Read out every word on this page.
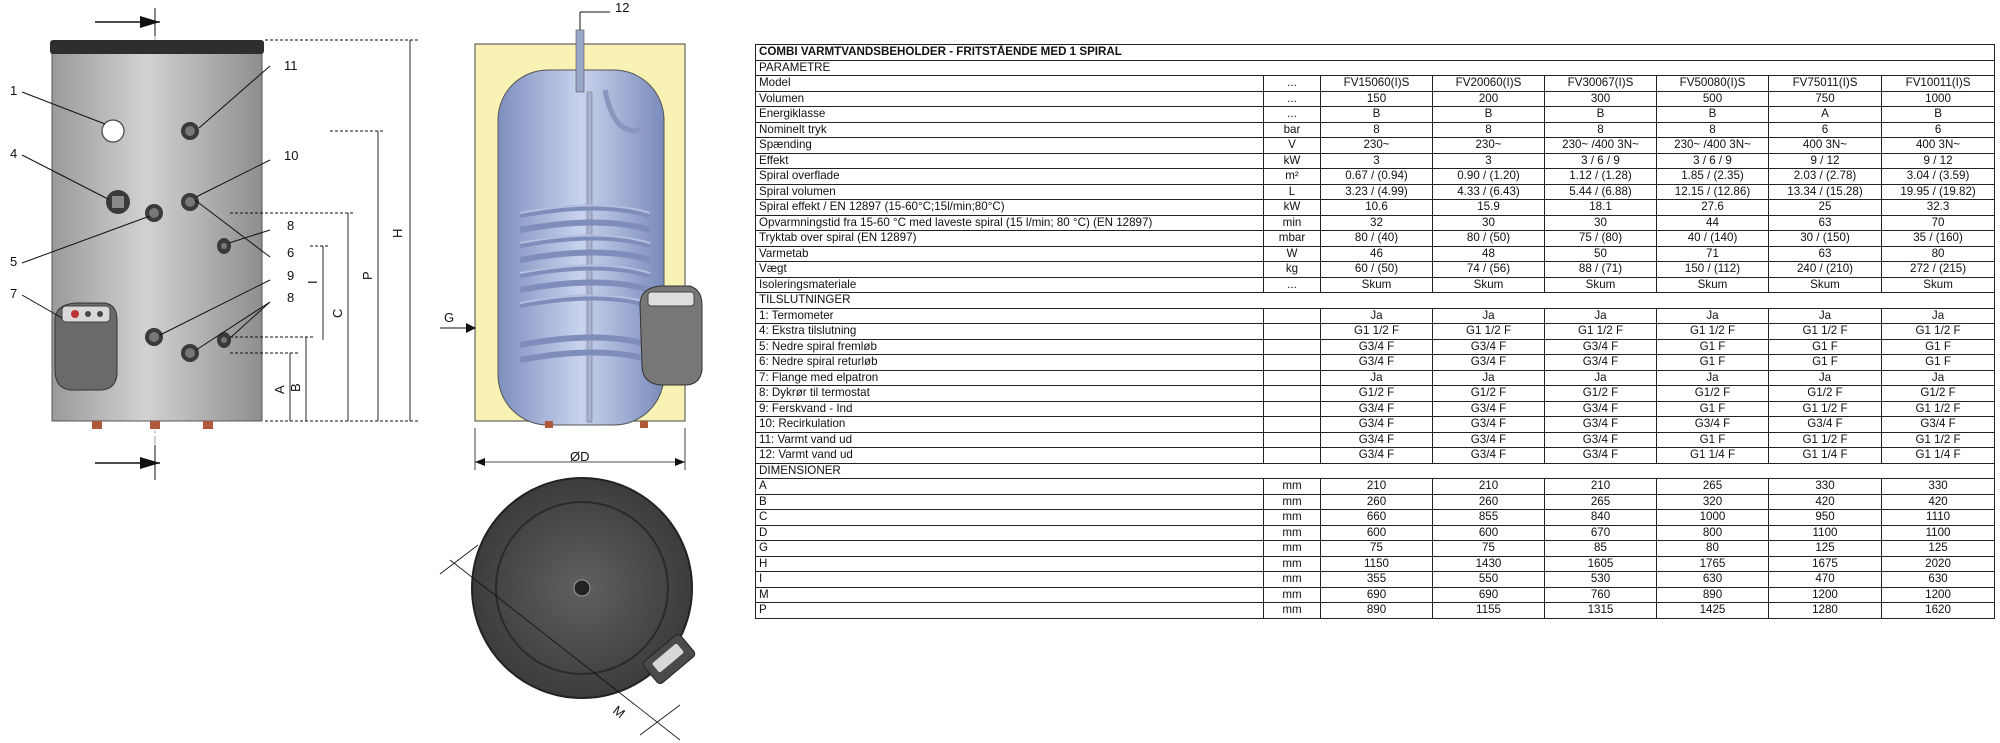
1
4
5
7
11
10
8
6
9
8
H
P
C
I
B
A
12
G
ØD
M
COMBI VARMTVANDSBEHOLDER - FRITSTÅENDE MED 1 SPIRAL							
PARAMETRE							
Model	...	FV15060(I)S	FV20060(I)S	FV30067(I)S	FV50080(I)S	FV75011(I)S	FV10011(I)S
Volumen	...	150	200	300	500	750	1000
Energiklasse	...	B	B	B	B	A	B
Nominelt tryk	bar	8	8	8	8	6	6
Spænding	V	230~	230~	230~ /400 3N~	230~ /400 3N~	400 3N~	400 3N~
Effekt	kW	3	3	3 / 6 / 9	3 / 6 / 9	9 / 12	9 / 12
Spiral overflade	m²	0.67 / (0.94)	0.90 / (1.20)	1.12 / (1.28)	1.85 / (2.35)	2.03 / (2.78)	3.04 / (3.59)
Spiral volumen	L	3.23 / (4.99)	4.33 / (6.43)	5.44 / (6.88)	12.15 / (12.86)	13.34 / (15.28)	19.95 / (19.82)
Spiral effekt / EN 12897 (15-60°C;15l/min;80°C)	kW	10.6	15.9	18.1	27.6	25	32.3
Opvarmningstid fra 15-60 °C med laveste spiral (15 l/min; 80 °C) (EN 12897)	min	32	30	30	44	63	70
Tryktab over spiral (EN 12897)	mbar	80 / (40)	80 / (50)	75 / (80)	40 / (140)	30 / (150)	35 / (160)
Varmetab	W	46	48	50	71	63	80
Vægt	kg	60 / (50)	74 / (56)	88 / (71)	150 / (112)	240 / (210)	272 / (215)
Isoleringsmateriale	...	Skum	Skum	Skum	Skum	Skum	Skum
TILSLUTNINGER							
1: Termometer		Ja	Ja	Ja	Ja	Ja	Ja
4: Ekstra tilslutning		G1 1/2 F	G1 1/2 F	G1 1/2 F	G1 1/2 F	G1 1/2 F	G1 1/2 F
5: Nedre spiral fremløb		G3/4 F	G3/4 F	G3/4 F	G1 F	G1 F	G1 F
6: Nedre spiral returløb		G3/4 F	G3/4 F	G3/4 F	G1 F	G1 F	G1 F
7: Flange med elpatron		Ja	Ja	Ja	Ja	Ja	Ja
8: Dykrør til termostat		G1/2 F	G1/2 F	G1/2 F	G1/2 F	G1/2 F	G1/2 F
9: Ferskvand - Ind		G3/4 F	G3/4 F	G3/4 F	G1 F	G1 1/2 F	G1 1/2 F
10: Recirkulation		G3/4 F	G3/4 F	G3/4 F	G3/4 F	G3/4 F	G3/4 F
11: Varmt vand ud		G3/4 F	G3/4 F	G3/4 F	G1 F	G1 1/2 F	G1 1/2 F
12: Varmt vand ud		G3/4 F	G3/4 F	G3/4 F	G1 1/4 F	G1 1/4 F	G1 1/4 F
DIMENSIONER							
A	mm	210	210	210	265	330	330
B	mm	260	260	265	320	420	420
C	mm	660	855	840	1000	950	1110
D	mm	600	600	670	800	1100	1100
G	mm	75	75	85	80	125	125
H	mm	1150	1430	1605	1765	1675	2020
I	mm	355	550	530	630	470	630
M	mm	690	690	760	890	1200	1200
P	mm	890	1155	1315	1425	1280	1620
